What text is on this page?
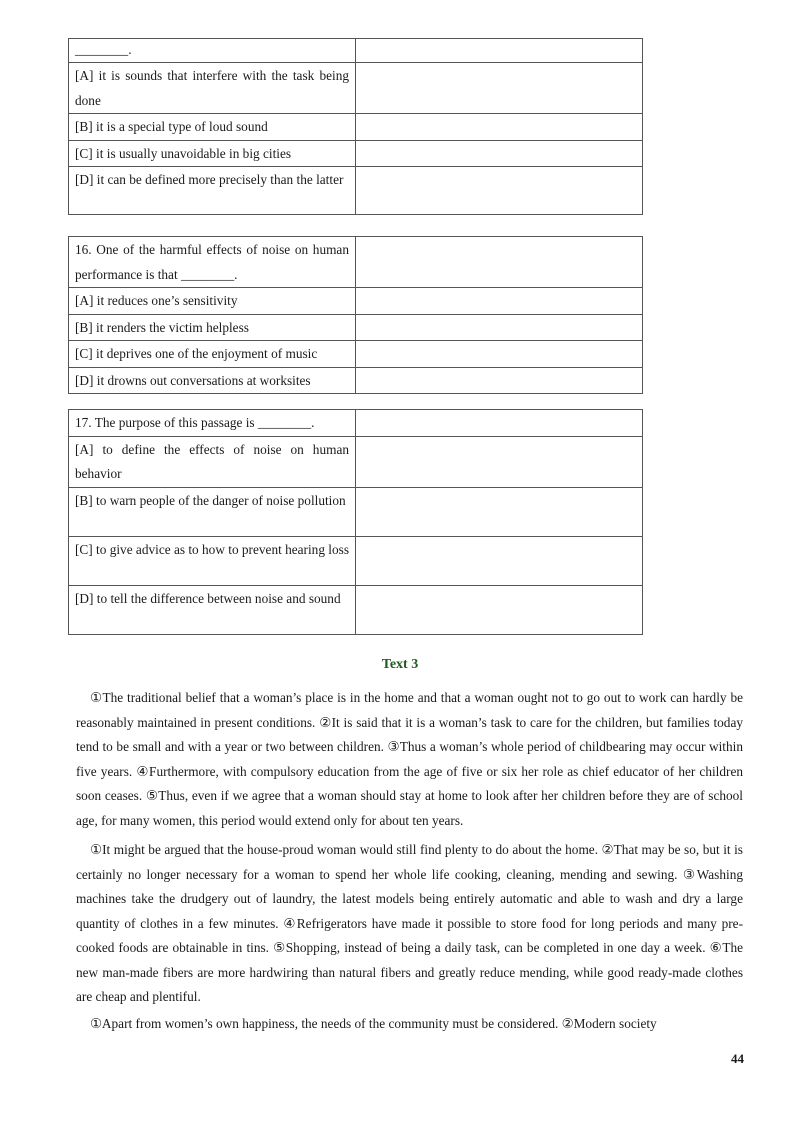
________.	

[A] it is sounds that interfere with the task being done	

[B] it is a special type of loud sound	

[C] it is usually unavoidable in big cities	

[D] it can be defined more precisely than the latter	

16. One of the harmful effects of noise on human performance is that ________.	

[A] it reduces one’s sensitivity	

[B] it renders the victim helpless	

[C] it deprives one of the enjoyment of music	

[D] it drowns out conversations at worksites	

17. The purpose of this passage is ________.	

[A] to define the effects of noise on human behavior	

[B] to warn people of the danger of noise pollution	

[C] to give advice as to how to prevent hearing loss	

[D] to tell the difference between noise and sound	

Text 3

①The traditional belief that a woman’s place is in the home and that a woman ought not to go out to work can hardly be reasonably maintained in present conditions. ②It is said that it is a woman’s task to care for the children, but families today tend to be small and with a year or two between children. ③Thus a woman’s whole period of childbearing may occur within five years. ④Furthermore, with compulsory education from the age of five or six her role as chief educator of her children soon ceases. ⑤Thus, even if we agree that a woman should stay at home to look after her children before they are of school age, for many women, this period would extend only for about ten years.

①It might be argued that the house-proud woman would still find plenty to do about the home. ②That may be so, but it is certainly no longer necessary for a woman to spend her whole life cooking, cleaning, mending and sewing. ③Washing machines take the drudgery out of laundry, the latest models being entirely automatic and able to wash and dry a large quantity of clothes in a few minutes. ④Refrigerators have made it possible to store food for long periods and many pre-cooked foods are obtainable in tins. ⑤Shopping, instead of being a daily task, can be completed in one day a week. ⑥The new man-made fibers are more hardwiring than natural fibers and greatly reduce mending, while good ready-made clothes are cheap and plentiful.

①Apart from women’s own happiness, the needs of the community must be considered. ②Modern society

44
